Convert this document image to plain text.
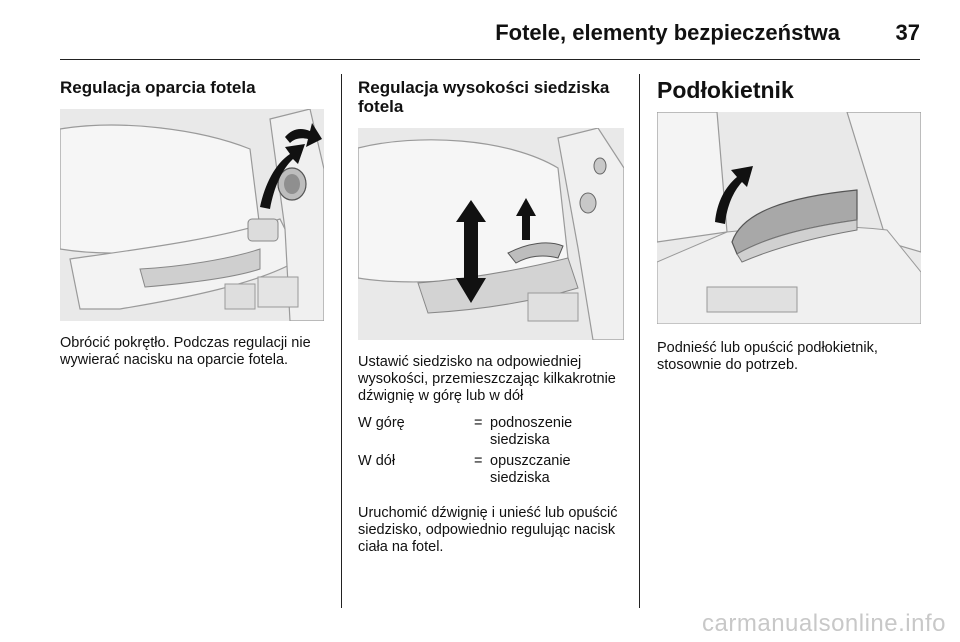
Fotele, elementy bezpieczeństwa	37
Regulacja oparcia fotela

Obrócić pokrętło. Podczas regulacji nie wywierać nacisku na oparcie fotela.

Regulacja wysokości siedziska fotela

Ustawić siedzisko na odpowiedniej wysokości, przemieszczając kilkakrotnie dźwignię w górę lub w dół

W górę	= podnoszenie siedziska
W dół	= opuszczanie siedziska

Uruchomić dźwignię i unieść lub opuścić siedzisko, odpowiednio regulując nacisk ciała na fotel.

Podłokietnik

Podnieść lub opuścić podłokietnik, stosownie do potrzeb.

carmanualsonline.info
